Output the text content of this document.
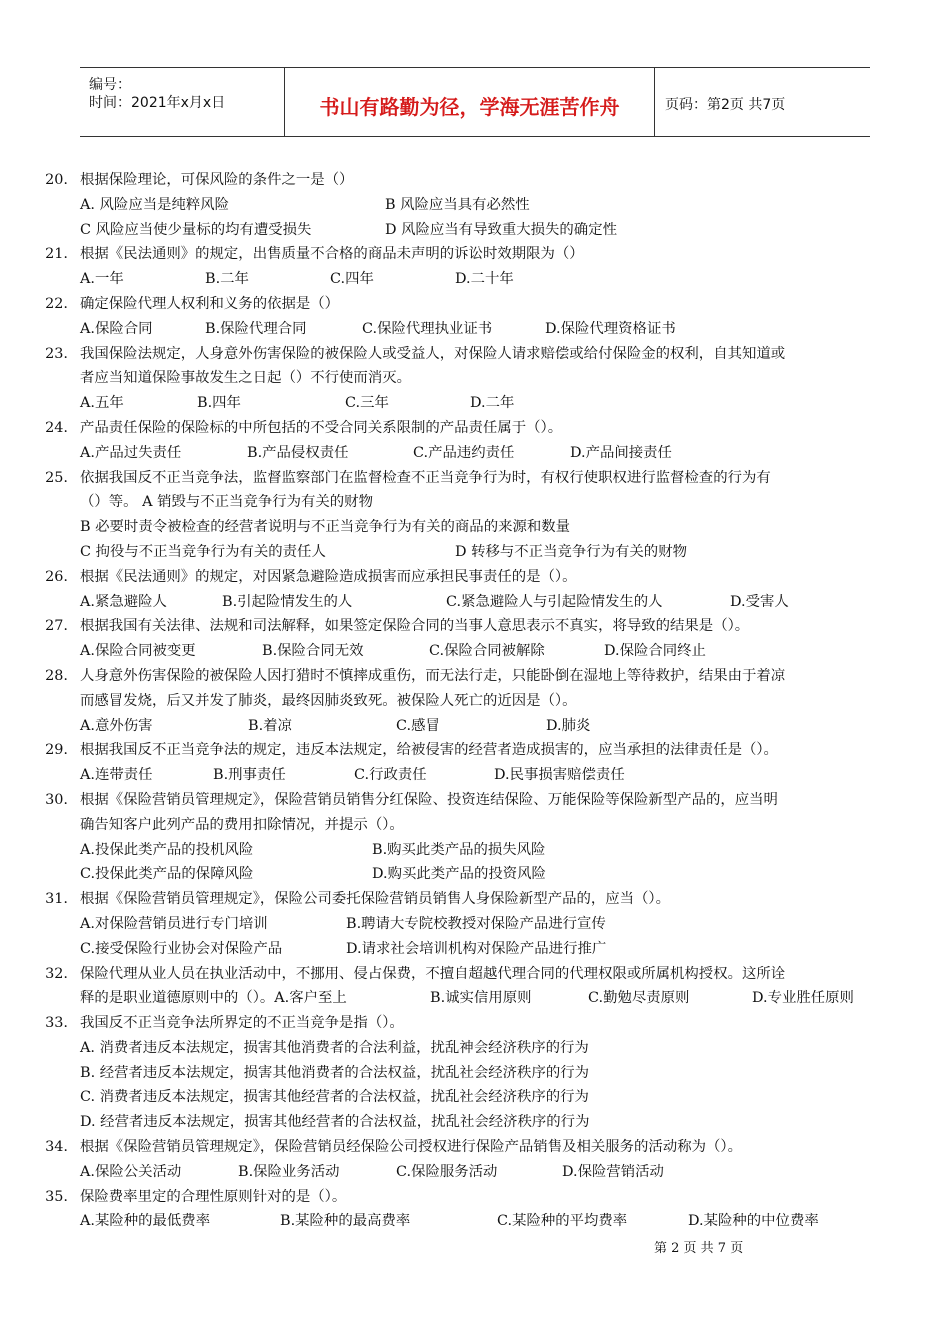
编号：
时间：2021年x月x日	书山有路勤为径，学海无涯苦作舟	页码：第2页 共7页
20. 根据保险理论，可保风险的条件之一是（）
A. 风险应当是纯粹风险	B 风险应当具有必然性
C 风险应当使少量标的均有遭受损失	D 风险应当有导致重大损失的确定性
21. 根据《民法通则》的规定，出售质量不合格的商品未声明的诉讼时效期限为（）
A.一年	B.二年	C.四年	D.二十年
22. 确定保险代理人权利和义务的依据是（）
A.保险合同	B.保险代理合同	C.保险代理执业证书	D.保险代理资格证书
23. 我国保险法规定，人身意外伤害保险的被保险人或受益人，对保险人请求赔偿或给付保险金的权利，自其知道或
者应当知道保险事故发生之日起（）不行使而消灭。
A.五年	B.四年	C.三年	D.二年
24. 产品责任保险的保险标的中所包括的不受合同关系限制的产品责任属于（）。
A.产品过失责任	B.产品侵权责任	C.产品违约责任	D.产品间接责任
25. 依据我国反不正当竞争法，监督监察部门在监督检查不正当竞争行为时，有权行使职权进行监督检查的行为有
（）等。 A 销毁与不正当竞争行为有关的财物
B 必要时责令被检查的经营者说明与不正当竞争行为有关的商品的来源和数量
C 拘役与不正当竞争行为有关的责任人	D 转移与不正当竞争行为有关的财物
26. 根据《民法通则》的规定，对因紧急避险造成损害而应承担民事责任的是（）。
A.紧急避险人	B.引起险情发生的人	C.紧急避险人与引起险情发生的人	D.受害人
27. 根据我国有关法律、法规和司法解释，如果签定保险合同的当事人意思表示不真实，将导致的结果是（）。
A.保险合同被变更	B.保险合同无效	C.保险合同被解除	D.保险合同终止
28. 人身意外伤害保险的被保险人因打猎时不慎摔成重伤，而无法行走，只能卧倒在湿地上等待救护，结果由于着凉
而感冒发烧，后又并发了肺炎，最终因肺炎致死。被保险人死亡的近因是（）。
A.意外伤害	B.着凉	C.感冒	D.肺炎
29. 根据我国反不正当竞争法的规定，违反本法规定，给被侵害的经营者造成损害的，应当承担的法律责任是（）。
A.连带责任	B.刑事责任	C.行政责任	D.民事损害赔偿责任
30. 根据《保险营销员管理规定》，保险营销员销售分红保险、投资连结保险、万能保险等保险新型产品的，应当明
确告知客户此列产品的费用扣除情况，并提示（）。
A.投保此类产品的投机风险	B.购买此类产品的损失风险
C.投保此类产品的保障风险	D.购买此类产品的投资风险
31. 根据《保险营销员管理规定》，保险公司委托保险营销员销售人身保险新型产品的，应当（）。
A.对保险营销员进行专门培训	B.聘请大专院校教授对保险产品进行宣传
C.接受保险行业协会对保险产品	D.请求社会培训机构对保险产品进行推广
32. 保险代理从业人员在执业活动中，不挪用、侵占保费，不擅自超越代理合同的代理权限或所属机构授权。这所诠
释的是职业道德原则中的（）。A.客户至上	B.诚实信用原则	C.勤勉尽责原则	D.专业胜任原则
33. 我国反不正当竞争法所界定的不正当竞争是指（）。
A. 消费者违反本法规定，损害其他消费者的合法利益，扰乱神会经济秩序的行为
B. 经营者违反本法规定，损害其他消费者的合法权益，扰乱社会经济秩序的行为
C. 消费者违反本法规定，损害其他经营者的合法权益，扰乱社会经济秩序的行为
D. 经营者违反本法规定，损害其他经营者的合法权益，扰乱社会经济秩序的行为
34. 根据《保险营销员管理规定》，保险营销员经保险公司授权进行保险产品销售及相关服务的活动称为（）。
A.保险公关活动	B.保险业务活动	C.保险服务活动	D.保险营销活动
35. 保险费率里定的合理性原则针对的是（）。
A.某险种的最低费率	B.某险种的最高费率	C.某险种的平均费率	D.某险种的中位费率
第 2 页 共 7 页
